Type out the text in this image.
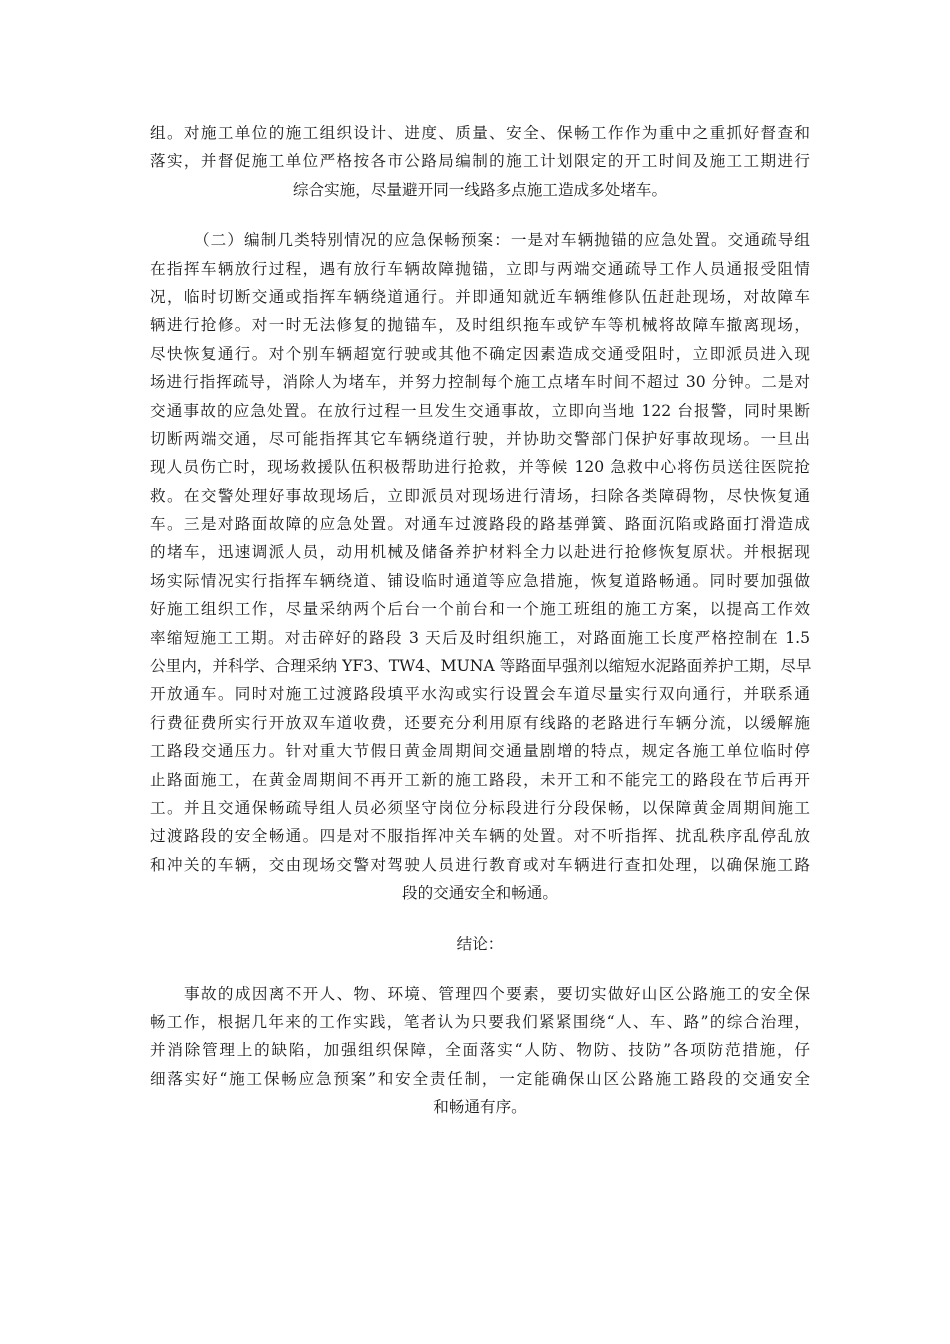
组。对施工单位的施工组织设计、进度、质量、安全、保畅工作作为重中之重抓好督查和
落实，并督促施工单位严格按各市公路局编制的施工计划限定的开工时间及施工工期进行
综合实施，尽量避开同一线路多点施工造成多处堵车。
（二）编制几类特别情况的应急保畅预案：一是对车辆抛锚的应急处置。交通疏导组
在指挥车辆放行过程，遇有放行车辆故障抛锚，立即与两端交通疏导工作人员通报受阻情
况，临时切断交通或指挥车辆绕道通行。并即通知就近车辆维修队伍赶赴现场，对故障车
辆进行抢修。对一时无法修复的抛锚车，及时组织拖车或铲车等机械将故障车撤离现场，
尽快恢复通行。对个别车辆超宽行驶或其他不确定因素造成交通受阻时，立即派员进入现
场进行指挥疏导，消除人为堵车，并努力控制每个施工点堵车时间不超过 30 分钟。二是对
交通事故的应急处置。在放行过程一旦发生交通事故，立即向当地 122 台报警，同时果断
切断两端交通，尽可能指挥其它车辆绕道行驶，并协助交警部门保护好事故现场。一旦出
现人员伤亡时，现场救援队伍积极帮助进行抢救，并等候 120 急救中心将伤员送往医院抢
救。在交警处理好事故现场后，立即派员对现场进行清场，扫除各类障碍物，尽快恢复通
车。三是对路面故障的应急处置。对通车过渡路段的路基弹簧、路面沉陷或路面打滑造成
的堵车，迅速调派人员，动用机械及储备养护材料全力以赴进行抢修恢复原状。并根据现
场实际情况实行指挥车辆绕道、铺设临时通道等应急措施，恢复道路畅通。同时要加强做
好施工组织工作，尽量采纳两个后台一个前台和一个施工班组的施工方案，以提高工作效
率缩短施工工期。对击碎好的路段 3 天后及时组织施工，对路面施工长度严格控制在 1.5
公里内，并科学、合理采纳 YF3、TW4、MUNA 等路面早强剂以缩短水泥路面养护工期，尽早
开放通车。同时对施工过渡路段填平水沟或实行设置会车道尽量实行双向通行，并联系通
行费征费所实行开放双车道收费，还要充分利用原有线路的老路进行车辆分流，以缓解施
工路段交通压力。针对重大节假日黄金周期间交通量剧增的特点，规定各施工单位临时停
止路面施工，在黄金周期间不再开工新的施工路段，未开工和不能完工的路段在节后再开
工。并且交通保畅疏导组人员必须坚守岗位分标段进行分段保畅，以保障黄金周期间施工
过渡路段的安全畅通。四是对不服指挥冲关车辆的处置。对不听指挥、扰乱秩序乱停乱放
和冲关的车辆，交由现场交警对驾驶人员进行教育或对车辆进行查扣处理，以确保施工路
段的交通安全和畅通。
结论：
事故的成因离不开人、物、环境、管理四个要素，要切实做好山区公路施工的安全保
畅工作，根据几年来的工作实践，笔者认为只要我们紧紧围绕“人、车、路”的综合治理，
并消除管理上的缺陷，加强组织保障，全面落实“人防、物防、技防”各项防范措施，仔
细落实好“施工保畅应急预案”和安全责任制，一定能确保山区公路施工路段的交通安全
和畅通有序。
